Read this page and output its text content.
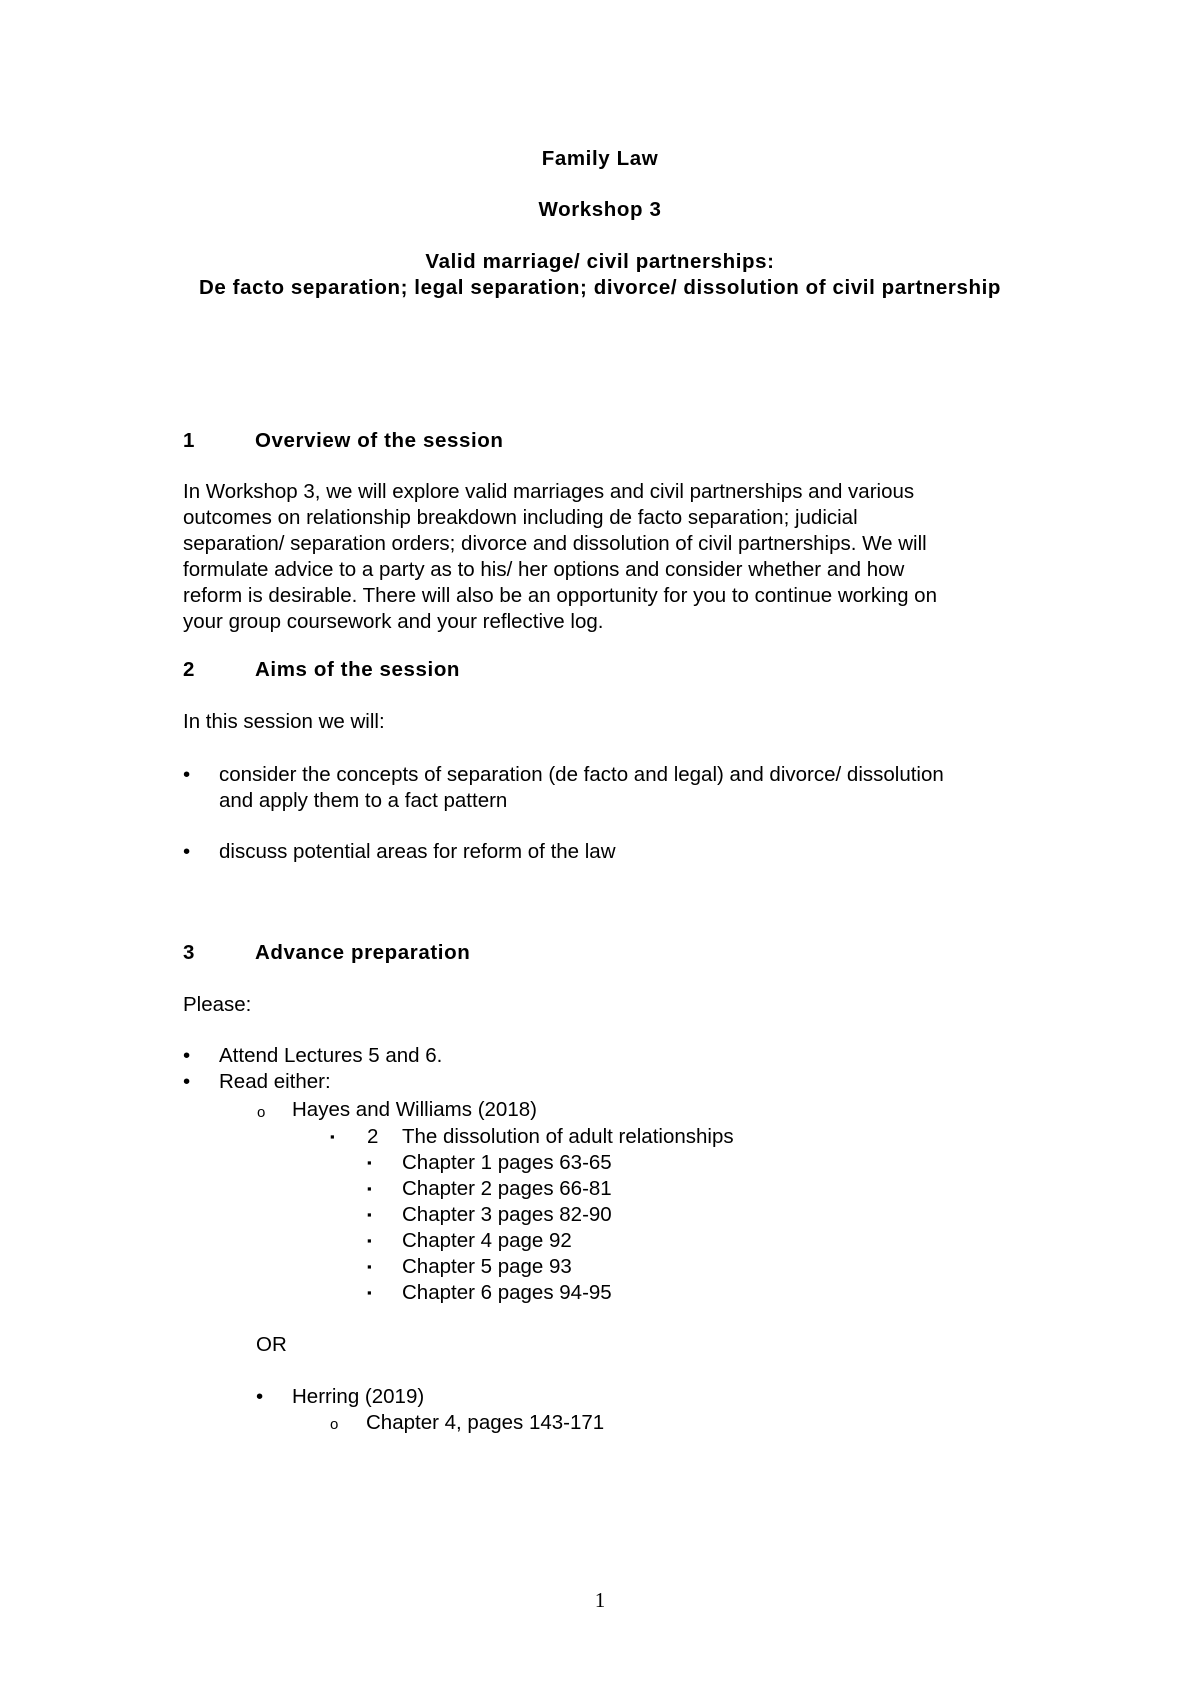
Family Law
Workshop 3
Valid marriage/ civil partnerships:
De facto separation; legal separation; divorce/ dissolution of civil partnership
1	Overview of the session
In Workshop 3, we will explore valid marriages and civil partnerships and various
outcomes on relationship breakdown including de facto separation; judicial
separation/ separation orders; divorce and dissolution of civil partnerships. We will
formulate advice to a party as to his/ her options and consider whether and how
reform is desirable. There will also be an opportunity for you to continue working on
your group coursework and your reflective log.
2	Aims of the session
In this session we will:
• consider the concepts of separation (de facto and legal) and divorce/ dissolution
and apply them to a fact pattern
• discuss potential areas for reform of the law
3	Advance preparation
Please:
• Attend Lectures 5 and 6.
• Read either:
o Hayes and Williams (2018)
▪ 2 The dissolution of adult relationships
▪ Chapter 1 pages 63-65
▪ Chapter 2 pages 66-81
▪ Chapter 3 pages 82-90
▪ Chapter 4 page 92
▪ Chapter 5 page 93
▪ Chapter 6 pages 94-95
OR
• Herring (2019)
o Chapter 4, pages 143-171
1
